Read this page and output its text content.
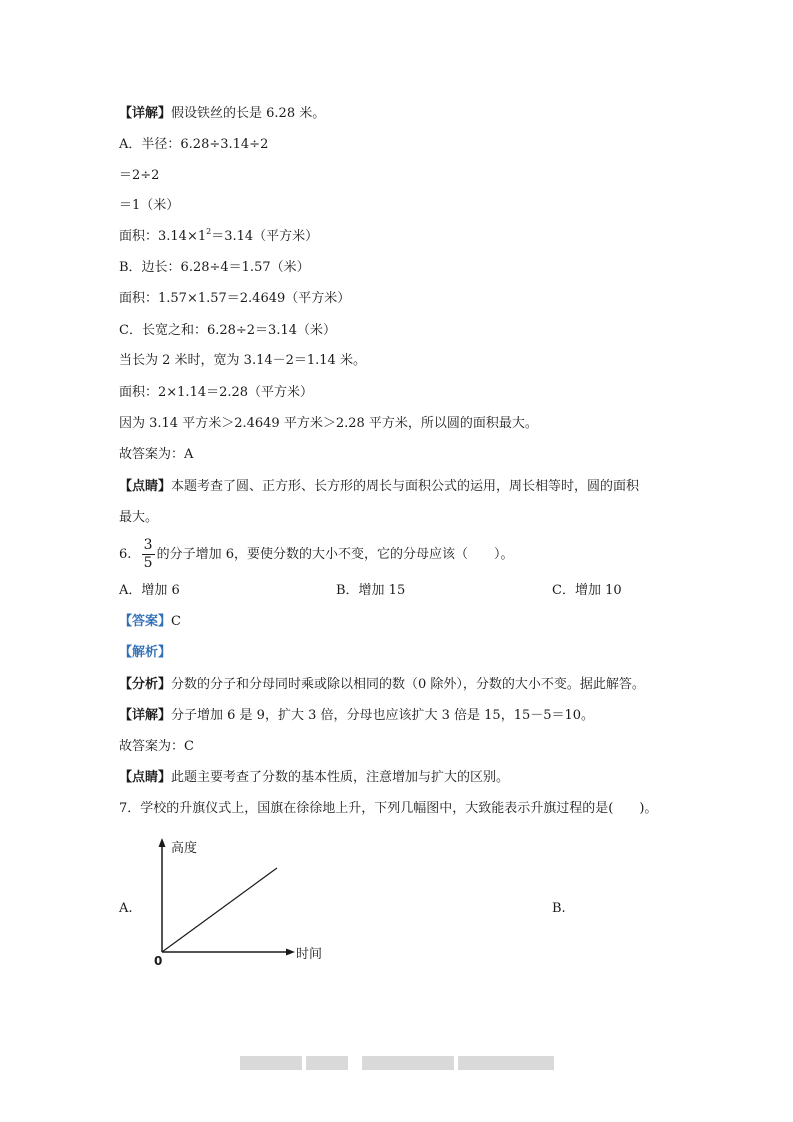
【详解】假设铁丝的长是 6.28 米。
A．半径：6.28÷3.14÷2
＝2÷2
＝1（米）
面积：$3.14\times 1^2=3.14$（平方米）
B．边长：6.28÷4＝1.57（米）
面积：1.57×1.57＝2.4649（平方米）
C．长宽之和：6.28÷2＝3.14（米）
当长为 2 米时，宽为 3.14－2＝1.14 米。
面积：2×1.14＝2.28（平方米）
因为 3.14 平方米＞2.4649 平方米＞2.28 平方米，所以圆的面积最大。
故答案为：A
【点睛】本题考查了圆、正方形、长方形的周长与面积公式的运用，周长相等时，圆的面积
最大。
6. $\frac{3}{5}$ 的分子增加 6，要使分数的大小不变，它的分母应该（　　）。
A．增加 6	B．增加 15	C．增加 10
【答案】C
【解析】
【分析】分数的分子和分母同时乘或除以相同的数（0 除外），分数的大小不变。据此解答。
【详解】分子增加 6 是 9，扩大 3 倍，分母也应该扩大 3 倍是 15，15－5＝10。
故答案为：C
【点睛】此题主要考查了分数的基本性质，注意增加与扩大的区别。
7．学校的升旗仪式上，国旗在徐徐地上升，下列几幅图中，大致能表示升旗过程的是(　　)。
A.	B.
高度
时间
0
